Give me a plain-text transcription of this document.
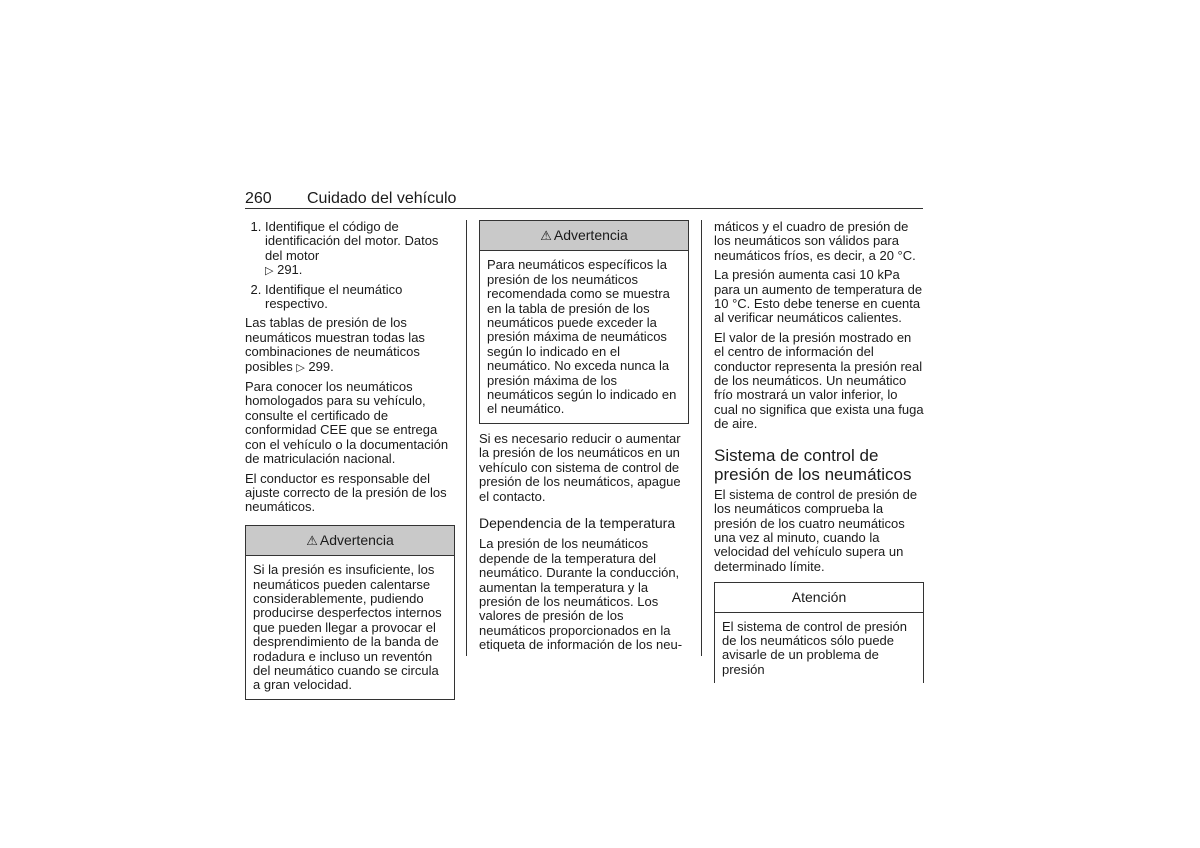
260 Cuidado del vehículo
1. Identifique el código de identificación del motor. Datos del motor
▷ 291.
2. Identifique el neumático respectivo.

Las tablas de presión de los neumáticos muestran todas las combinaciones de neumáticos posibles ▷ 299.

Para conocer los neumáticos homologados para su vehículo, consulte el certificado de conformidad CEE que se entrega con el vehículo o la documentación de matriculación nacional.

El conductor es responsable del ajuste correcto de la presión de los neumáticos.

⚠ Advertencia

Si la presión es insuficiente, los neumáticos pueden calentarse considerablemente, pudiendo producirse desperfectos internos que pueden llegar a provocar el desprendimiento de la banda de rodadura e incluso un reventón del neumático cuando se circula a gran velocidad.

⚠ Advertencia

Para neumáticos específicos la presión de los neumáticos recomendada como se muestra en la tabla de presión de los neumáticos puede exceder la presión máxima de neumáticos según lo indicado en el neumático. No exceda nunca la presión máxima de los neumáticos según lo indicado en el neumático.

Si es necesario reducir o aumentar la presión de los neumáticos en un vehículo con sistema de control de presión de los neumáticos, apague el contacto.

Dependencia de la temperatura

La presión de los neumáticos depende de la temperatura del neumático. Durante la conducción, aumentan la temperatura y la presión de los neumáticos. Los valores de presión de los neumáticos proporcionados en la etiqueta de información de los neu-

máticos y el cuadro de presión de los neumáticos son válidos para neumáticos fríos, es decir, a 20 °C.

La presión aumenta casi 10 kPa para un aumento de temperatura de 10 °C. Esto debe tenerse en cuenta al verificar neumáticos calientes.

El valor de la presión mostrado en el centro de información del conductor representa la presión real de los neumáticos. Un neumático frío mostrará un valor inferior, lo cual no significa que exista una fuga de aire.

Sistema de control de presión de los neumáticos

El sistema de control de presión de los neumáticos comprueba la presión de los cuatro neumáticos una vez al minuto, cuando la velocidad del vehículo supera un determinado límite.

Atención

El sistema de control de presión de los neumáticos sólo puede avisarle de un problema de presión
